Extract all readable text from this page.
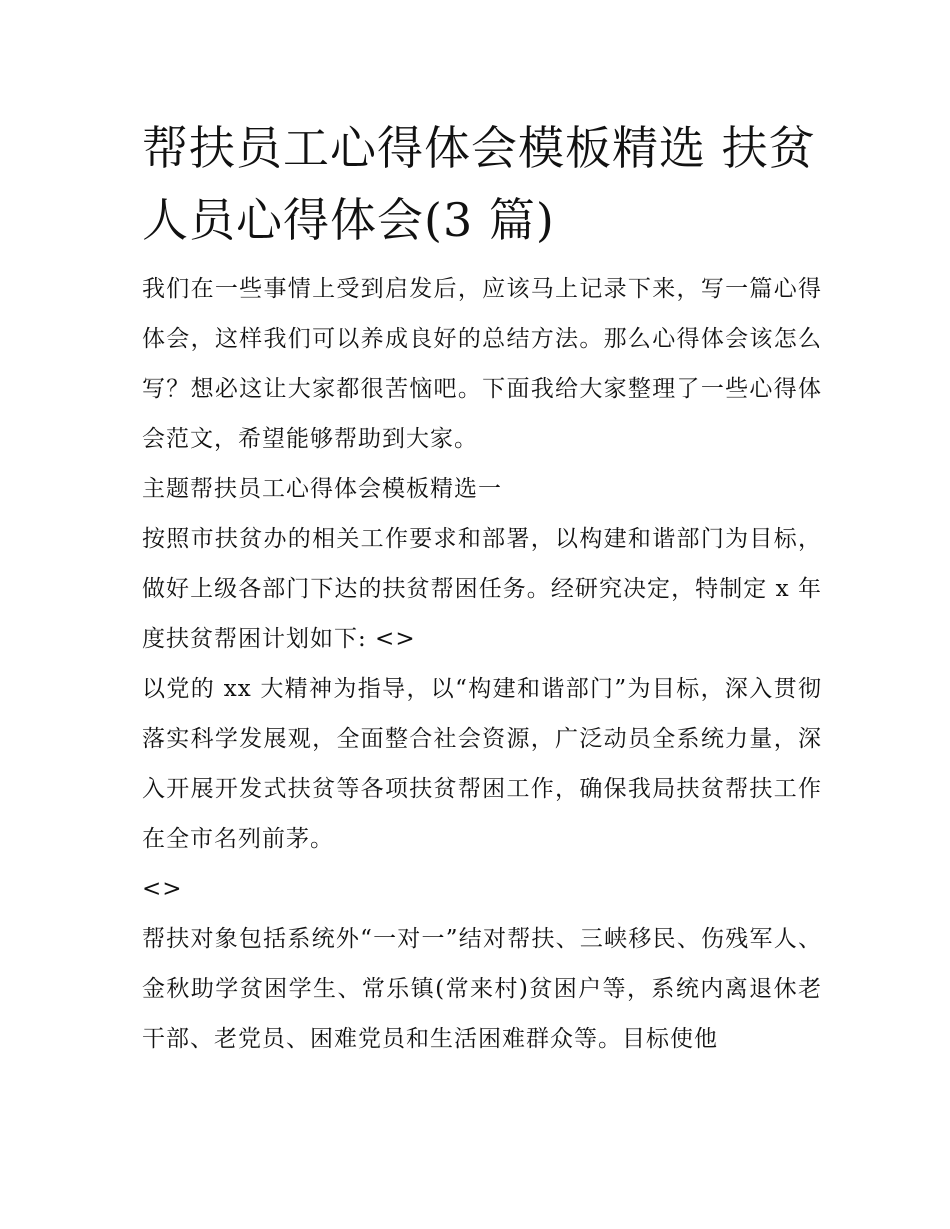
帮扶员工心得体会模板精选 扶贫人员心得体会(3 篇)

我们在一些事情上受到启发后，应该马上记录下来，写一篇心得体会，这样我们可以养成良好的总结方法。那么心得体会该怎么写？想必这让大家都很苦恼吧。下面我给大家整理了一些心得体会范文，希望能够帮助到大家。

主题帮扶员工心得体会模板精选一

按照市扶贫办的相关工作要求和部署，以构建和谐部门为目标，做好上级各部门下达的扶贫帮困任务。经研究决定，特制定 x 年度扶贫帮困计划如下: <>

以党的 xx 大精神为指导，以“构建和谐部门”为目标，深入贯彻落实科学发展观，全面整合社会资源，广泛动员全系统力量，深入开展开发式扶贫等各项扶贫帮困工作，确保我局扶贫帮扶工作在全市名列前茅。

<>

帮扶对象包括系统外“一对一”结对帮扶、三峡移民、伤残军人、金秋助学贫困学生、常乐镇(常来村)贫困户等，系统内离退休老干部、老党员、困难党员和生活困难群众等。目标使他
